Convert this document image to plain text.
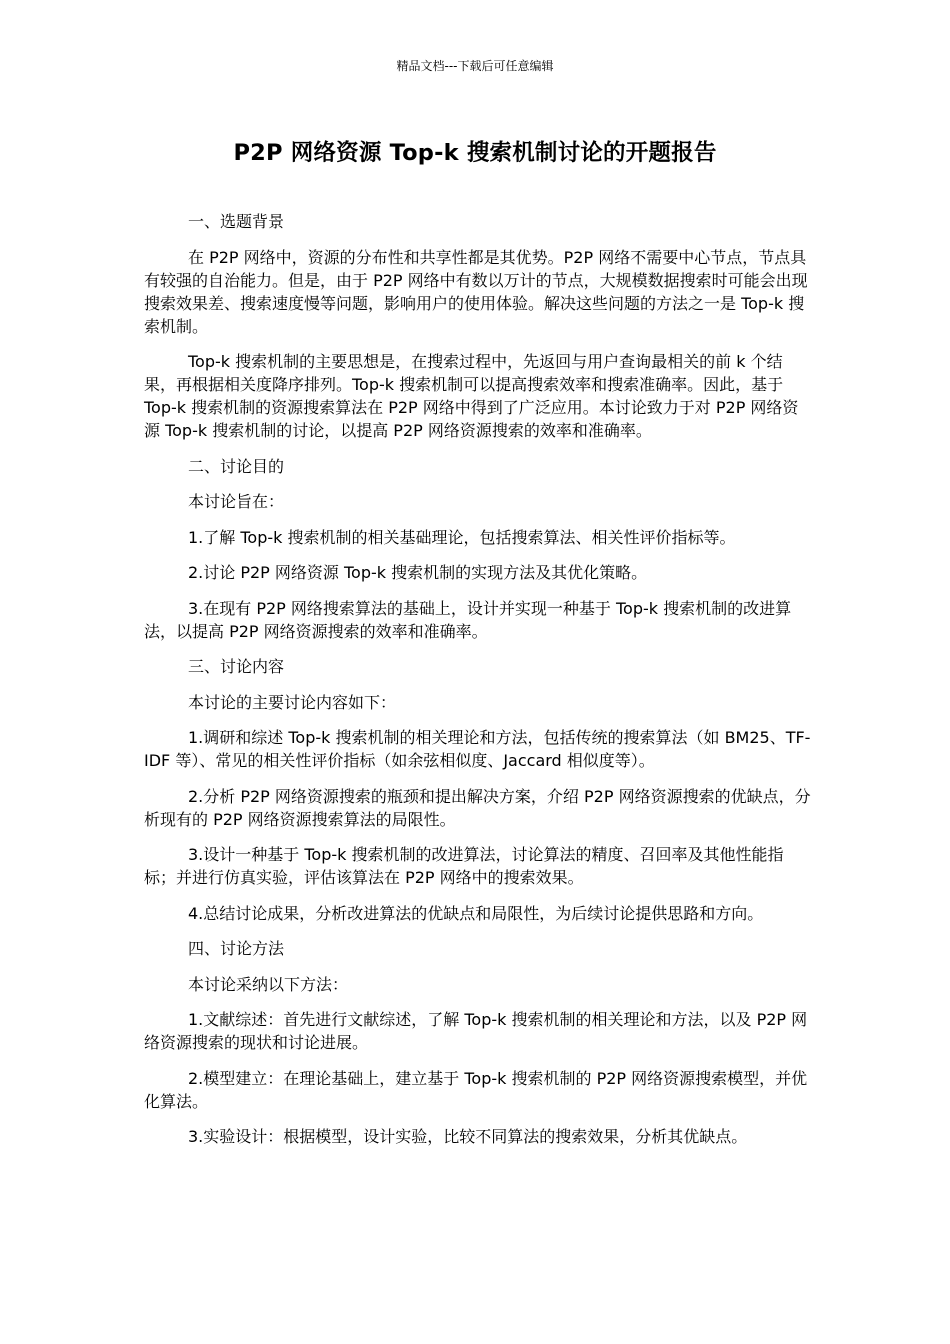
精品文档---下载后可任意编辑
P2P 网络资源 Top-k 搜索机制讨论的开题报告

一、选题背景

在 P2P 网络中，资源的分布性和共享性都是其优势。P2P 网络不需要中心节点，节点具有较强的自治能力。但是，由于 P2P 网络中有数以万计的节点，大规模数据搜索时可能会出现搜索效果差、搜索速度慢等问题，影响用户的使用体验。解决这些问题的方法之一是 Top-k 搜索机制。

Top-k 搜索机制的主要思想是，在搜索过程中，先返回与用户查询最相关的前 k 个结果，再根据相关度降序排列。Top-k 搜索机制可以提高搜索效率和搜索准确率。因此，基于 Top-k 搜索机制的资源搜索算法在 P2P 网络中得到了广泛应用。本讨论致力于对 P2P 网络资源 Top-k 搜索机制的讨论，以提高 P2P 网络资源搜索的效率和准确率。

二、讨论目的

本讨论旨在：

1.了解 Top-k 搜索机制的相关基础理论，包括搜索算法、相关性评价指标等。

2.讨论 P2P 网络资源 Top-k 搜索机制的实现方法及其优化策略。

3.在现有 P2P 网络搜索算法的基础上，设计并实现一种基于 Top-k 搜索机制的改进算法，以提高 P2P 网络资源搜索的效率和准确率。

三、讨论内容

本讨论的主要讨论内容如下：

1.调研和综述 Top-k 搜索机制的相关理论和方法，包括传统的搜索算法（如 BM25、TF-IDF 等）、常见的相关性评价指标（如余弦相似度、Jaccard 相似度等）。

2.分析 P2P 网络资源搜索的瓶颈和提出解决方案，介绍 P2P 网络资源搜索的优缺点，分析现有的 P2P 网络资源搜索算法的局限性。

3.设计一种基于 Top-k 搜索机制的改进算法，讨论算法的精度、召回率及其他性能指标；并进行仿真实验，评估该算法在 P2P 网络中的搜索效果。

4.总结讨论成果，分析改进算法的优缺点和局限性，为后续讨论提供思路和方向。

四、讨论方法

本讨论采纳以下方法：

1.文献综述：首先进行文献综述，了解 Top-k 搜索机制的相关理论和方法，以及 P2P 网络资源搜索的现状和讨论进展。

2.模型建立：在理论基础上，建立基于 Top-k 搜索机制的 P2P 网络资源搜索模型，并优化算法。

3.实验设计：根据模型，设计实验，比较不同算法的搜索效果，分析其优缺点。
